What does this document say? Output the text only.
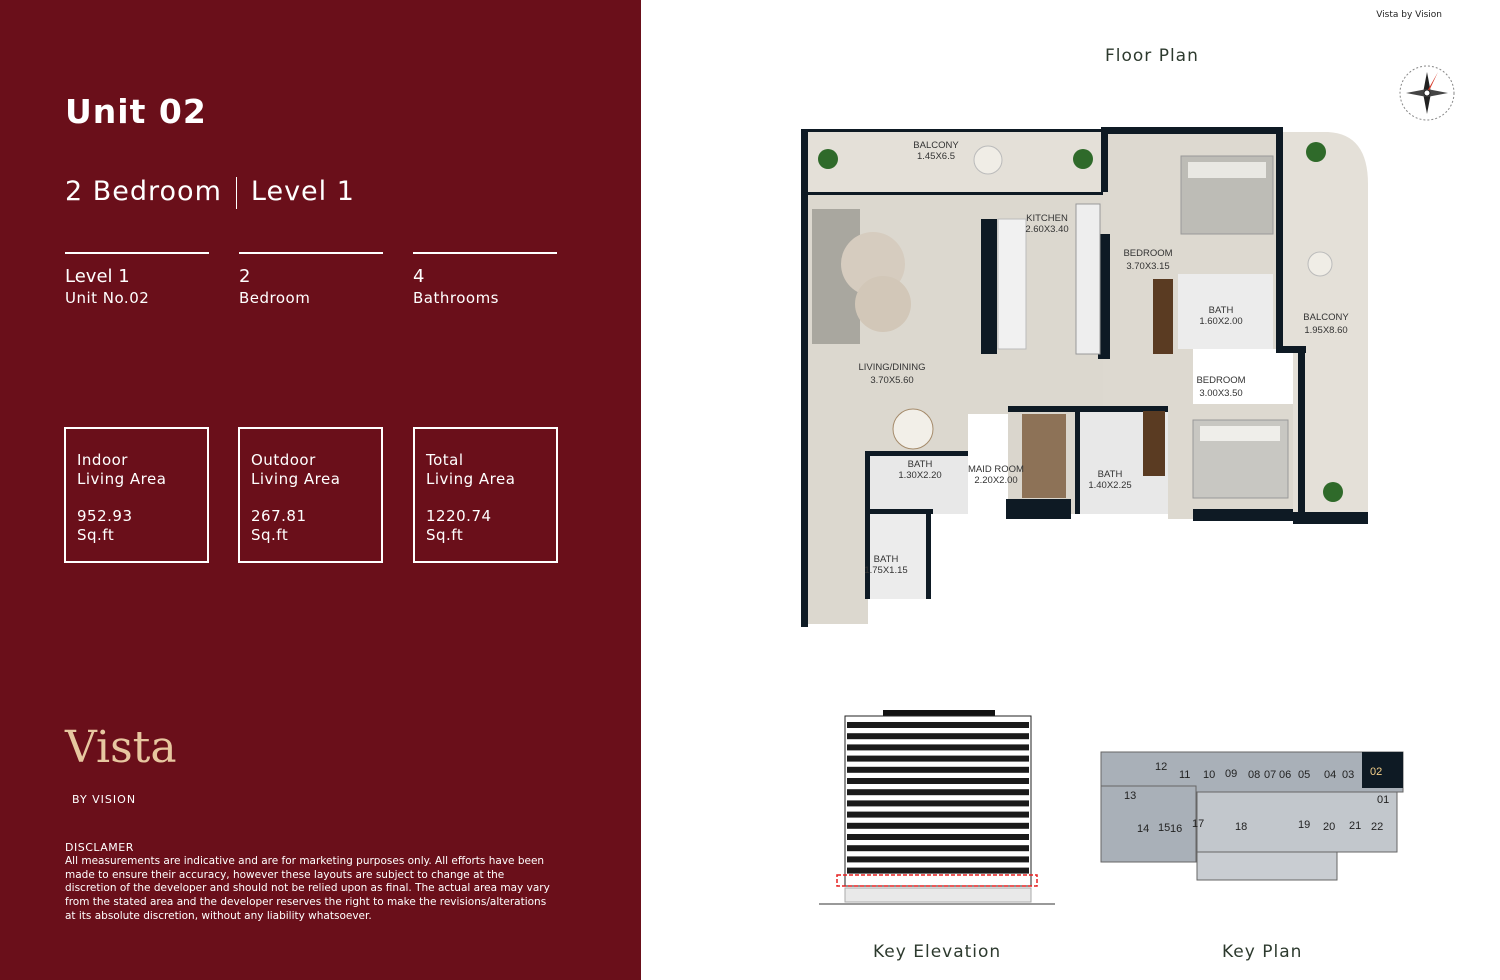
Unit 02
2 Bedroom Level 1
Level 1
Unit No.02
2
Bedroom
4
Bathrooms
Indoor
Living Area
952.93
Sq.ft
Outdoor
Living Area
267.81
Sq.ft
Total
Living Area
1220.74
Sq.ft
Vista
BY VISION
DISCLAMER
All measurements are indicative and are for marketing purposes only. All efforts have been made to ensure their accuracy, however these layouts are subject to change at the discretion of the developer and should not be relied upon as final. The actual area may vary from the stated area and the developer reserves the right to make the revisions/alterations at its absolute discretion, without any liability whatsoever.
Vista by Vision
Floor Plan
BALCONY 1.45X6.5
KITCHEN 2.60X3.40
BEDROOM 3.70X3.15
BATH 1.60X2.00	BALCONY 1.95X8.60
LIVING/DINING 3.70X5.60	BEDROOM 3.00X3.50
BATH 1.30X2.20
MAID ROOM 2.20X2.00
BATH 1.40X2.25
BATH 1.75X1.15
12
11 10 09 08 07 06 05 04 03 02
13	01
14 15 16 17	18	19 20 21 22
Key Elevation	Key Plan
